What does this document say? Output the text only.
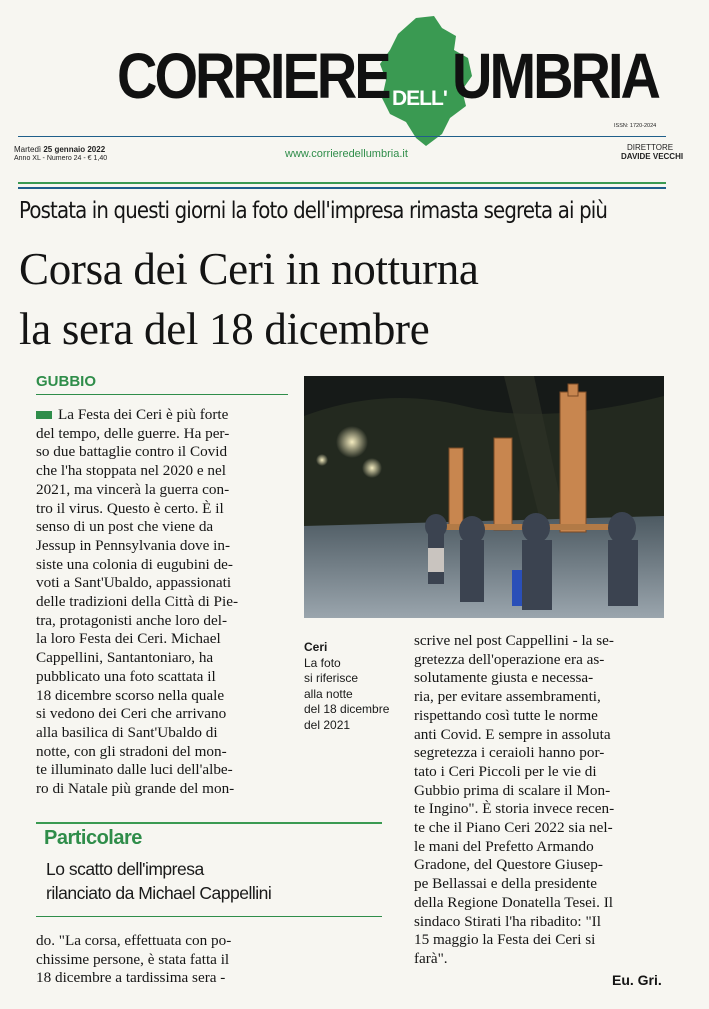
CORRIERE DELL' UMBRIA
ISSN: 1720-2024
Martedì 25 gennaio 2022
Anno XL - Numero 24 - € 1,40	www.corrieredellumbria.it
DIRETTORE
DAVIDE VECCHI
Postata in questi giorni la foto dell'impresa rimasta segreta ai più
Corsa dei Ceri in notturna
la sera del 18 dicembre
GUBBIO
La Festa dei Ceri è più forte
del tempo, delle guerre. Ha per-
so due battaglie contro il Covid
che l'ha stoppata nel 2020 e nel
2021, ma vincerà la guerra con-
tro il virus. Questo è certo. È il
senso di un post che viene da
Jessup in Pennsylvania dove in-
siste una colonia di eugubini de-
voti a Sant'Ubaldo, appassionati
delle tradizioni della Città di Pie-
tra, protagonisti anche loro del-
la loro Festa dei Ceri. Michael
Cappellini, Santantoniaro, ha
pubblicato una foto scattata il
18 dicembre scorso nella quale
si vedono dei Ceri che arrivano
alla basilica di Sant'Ubaldo di
notte, con gli stradoni del mon-
te illuminato dalle luci dell'albe-
ro di Natale più grande del mon-
Particolare
Lo scatto dell'impresa
rilanciato da Michael Cappellini
do. "La corsa, effettuata con po-
chissime persone, è stata fatta il
18 dicembre a tardissima sera -
Ceri
La foto
si riferisce
alla notte
del 18 dicembre
del 2021
scrive nel post Cappellini - la se-
gretezza dell'operazione era as-
solutamente giusta e necessa-
ria, per evitare assembramenti,
rispettando così tutte le norme
anti Covid. E sempre in assoluta
segretezza i ceraioli hanno por-
tato i Ceri Piccoli per le vie di
Gubbio prima di scalare il Mon-
te Ingino". È storia invece recen-
te che il Piano Ceri 2022 sia nel-
le mani del Prefetto Armando
Gradone, del Questore Giusep-
pe Bellassai e della presidente
della Regione Donatella Tesei. Il
sindaco Stirati l'ha ribadito: "Il
15 maggio la Festa dei Ceri si
farà".
Eu. Gri.
